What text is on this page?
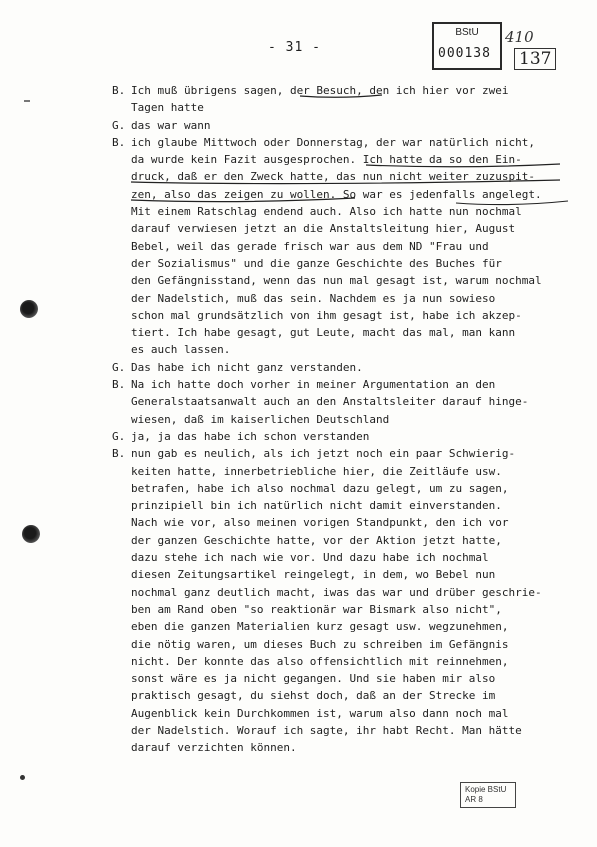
- 31 -
BStU
000138
410
137
B. Ich muß übrigens sagen, der Besuch, den ich hier vor zwei
Tagen hatte
G. das war wann
B. ich glaube Mittwoch oder Donnerstag, der war natürlich nicht,
da wurde kein Fazit ausgesprochen. Ich hatte da so den Ein-
druck, daß er den Zweck hatte, das nun nicht weiter zuzuspit-
zen, also das zeigen zu wollen. So war es jedenfalls angelegt.
Mit einem Ratschlag endend auch. Also ich hatte nun nochmal
darauf verwiesen jetzt an die Anstaltsleitung hier, August
Bebel, weil das gerade frisch war aus dem ND "Frau und
der Sozialismus" und die ganze Geschichte des Buches für
den Gefängnisstand, wenn das nun mal gesagt ist, warum nochmal
der Nadelstich, muß das sein. Nachdem es ja nun sowieso
schon mal grundsätzlich von ihm gesagt ist, habe ich akzep-
tiert. Ich habe gesagt, gut Leute, macht das mal, man kann
es auch lassen.
G. Das habe ich nicht ganz verstanden.
B. Na ich hatte doch vorher in meiner Argumentation an den
Generalstaatsanwalt auch an den Anstaltsleiter darauf hinge-
wiesen, daß im kaiserlichen Deutschland
G. ja, ja das habe ich schon verstanden
B. nun gab es neulich, als ich jetzt noch ein paar Schwierig-
keiten hatte, innerbetriebliche hier, die Zeitläufe usw.
betrafen, habe ich also nochmal dazu gelegt, um zu sagen,
prinzipiell bin ich natürlich nicht damit einverstanden.
Nach wie vor, also meinen vorigen Standpunkt, den ich vor
der ganzen Geschichte hatte, vor der Aktion jetzt hatte,
dazu stehe ich nach wie vor. Und dazu habe ich nochmal
diesen Zeitungsartikel reingelegt, in dem, wo Bebel nun
nochmal ganz deutlich macht, iwas das war und drüber geschrie-
ben am Rand oben "so reaktionär war Bismark also nicht",
eben die ganzen Materialien kurz gesagt usw. wegzunehmen,
die nötig waren, um dieses Buch zu schreiben im Gefängnis
nicht. Der konnte das also offensichtlich mit reinnehmen,
sonst wäre es ja nicht gegangen. Und sie haben mir also
praktisch gesagt, du siehst doch, daß an der Strecke im
Augenblick kein Durchkommen ist, warum also dann noch mal
der Nadelstich. Worauf ich sagte, ihr habt Recht. Man hätte
darauf verzichten können.
Kopie BStU
AR 8
